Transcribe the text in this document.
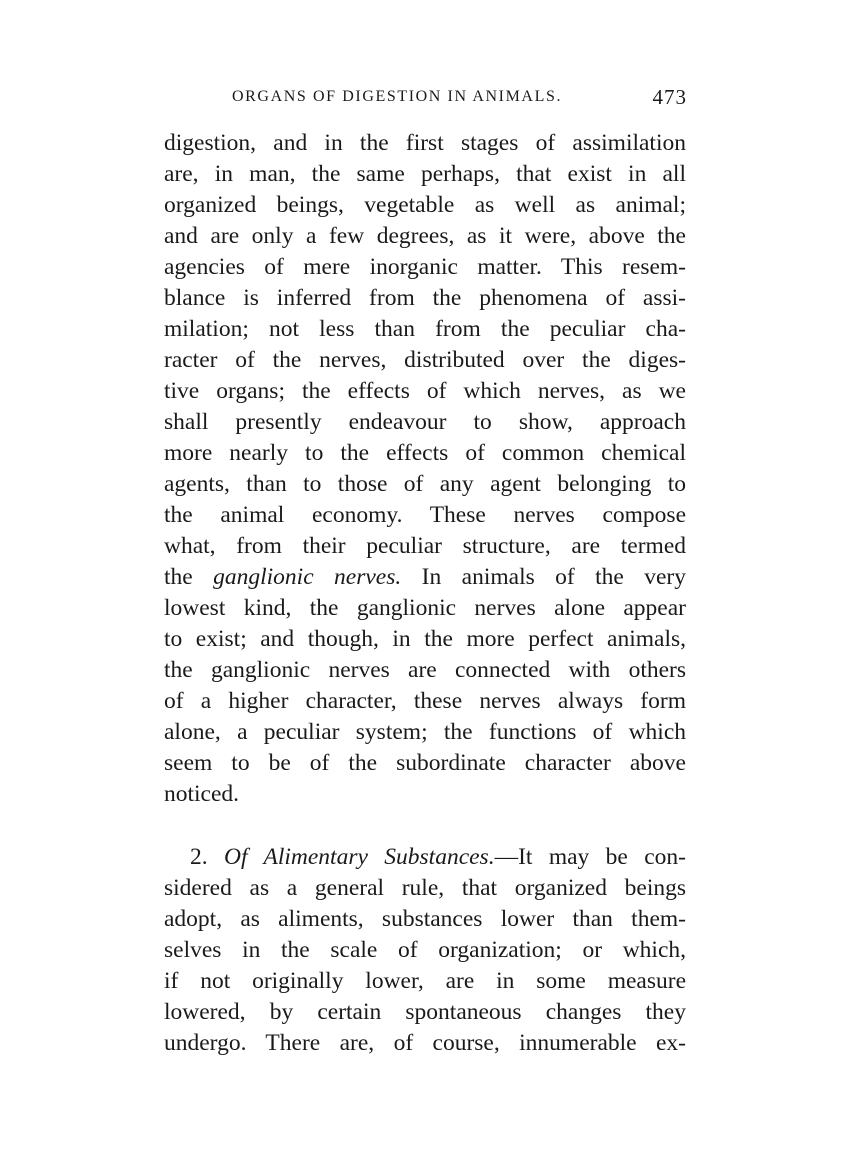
ORGANS OF DIGESTION IN ANIMALS.	473
digestion, and in the first stages of assimilation
are, in man, the same perhaps, that exist in all
organized beings, vegetable as well as animal;
and are only a few degrees, as it were, above the
agencies of mere inorganic matter. This resem-
blance is inferred from the phenomena of assi-
milation; not less than from the peculiar cha-
racter of the nerves, distributed over the diges-
tive organs; the effects of which nerves, as we
shall presently endeavour to show, approach
more nearly to the effects of common chemical
agents, than to those of any agent belonging to
the animal economy. These nerves compose
what, from their peculiar structure, are termed
the ganglionic nerves. In animals of the very
lowest kind, the ganglionic nerves alone appear
to exist; and though, in the more perfect animals,
the ganglionic nerves are connected with others
of a higher character, these nerves always form
alone, a peculiar system; the functions of which
seem to be of the subordinate character above
noticed.
2. Of Alimentary Substances.—It may be con-
sidered as a general rule, that organized beings
adopt, as aliments, substances lower than them-
selves in the scale of organization; or which,
if not originally lower, are in some measure
lowered, by certain spontaneous changes they
undergo. There are, of course, innumerable ex-
